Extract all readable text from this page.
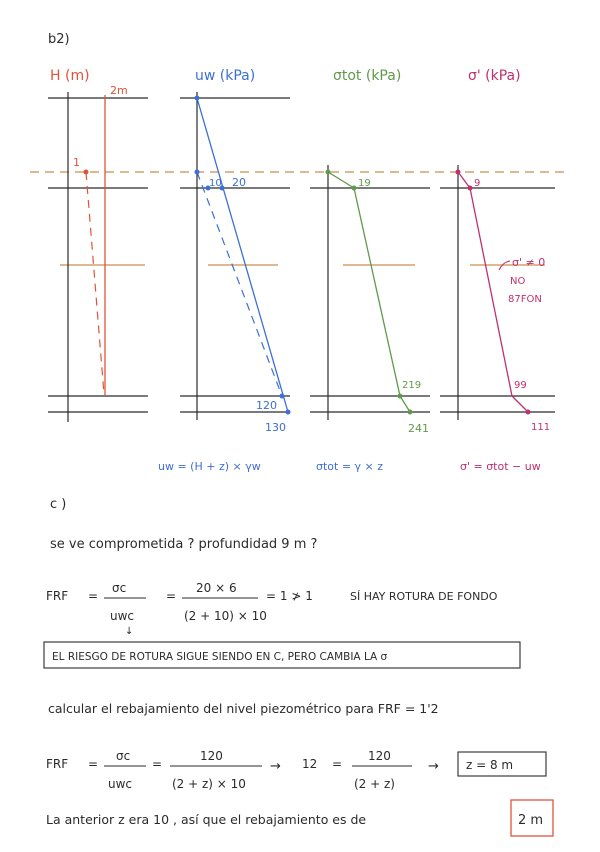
b2)
H (m)	uw (kPa)	σtot (kPa)	σ' (kPa)
2m
1
10 20
120
130
19
219
241
9
99
111
σ' ≠ 0
NO
87FON
uw = (H + z) × γw	σtot = γ × z	σ' = σtot − uw
c )
se ve comprometida ? profundidad 9 m ?
FRF =
σc
uwc
↓
=
20 × 6
(2 + 10) × 10
= 1 ≯ 1	SÍ HAY ROTURA DE FONDO
EL RIESGO DE ROTURA SIGUE SIENDO EN C, PERO CAMBIA LA σ
calcular el rebajamiento del nivel piezométrico para FRF = 1'2
FRF =
σc
uwc
=
120
(2 + z) × 10
→ 12 =
120
(2 + z)
→ z = 8 m
La anterior z era 10 , así que el rebajamiento es de	2 m
